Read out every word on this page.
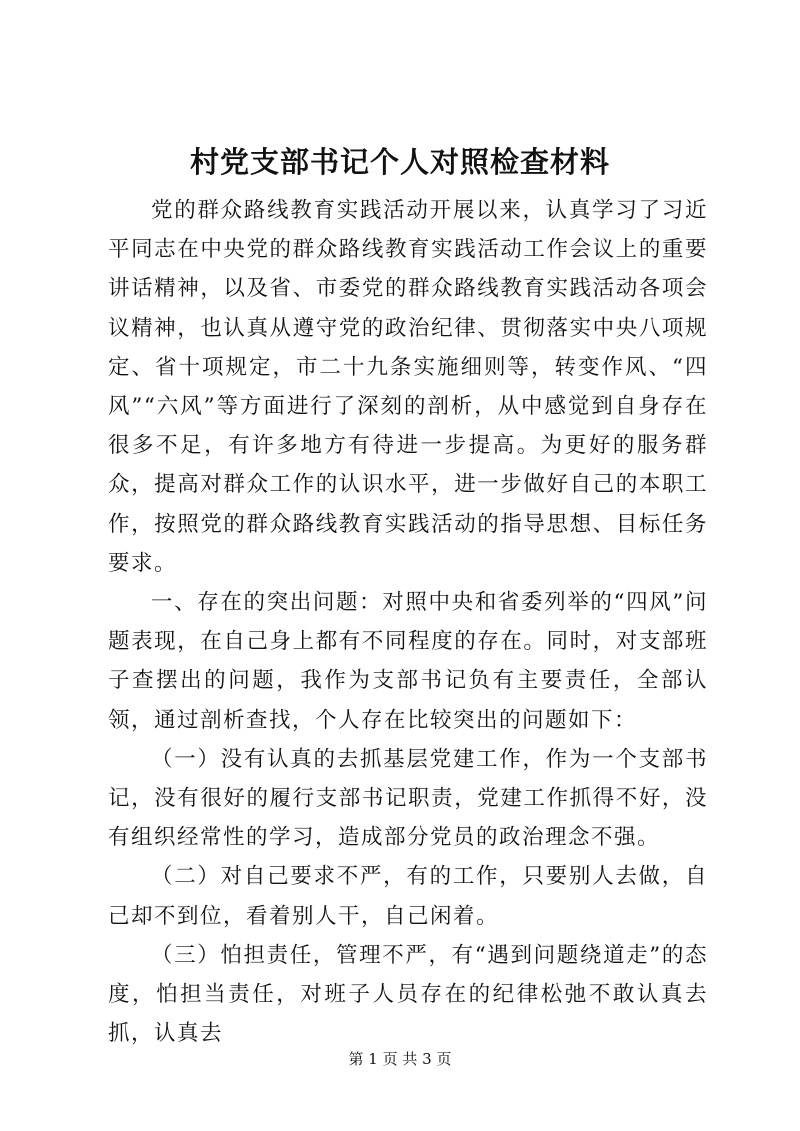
村党支部书记个人对照检查材料

党的群众路线教育实践活动开展以来，认真学习了习近平同志在中央党的群众路线教育实践活动工作会议上的重要讲话精神，以及省、市委党的群众路线教育实践活动各项会议精神，也认真从遵守党的政治纪律、贯彻落实中央八项规定、省十项规定，市二十九条实施细则等，转变作风、“四风”“六风”等方面进行了深刻的剖析，从中感觉到自身存在很多不足，有许多地方有待进一步提高。为更好的服务群众，提高对群众工作的认识水平，进一步做好自己的本职工作，按照党的群众路线教育实践活动的指导思想、目标任务要求。

一、存在的突出问题：对照中央和省委列举的“四风”问题表现，在自己身上都有不同程度的存在。同时，对支部班子查摆出的问题，我作为支部书记负有主要责任，全部认领，通过剖析查找，个人存在比较突出的问题如下：

（一）没有认真的去抓基层党建工作，作为一个支部书记，没有很好的履行支部书记职责，党建工作抓得不好，没有组织经常性的学习，造成部分党员的政治理念不强。

（二）对自己要求不严，有的工作，只要别人去做，自己却不到位，看着别人干，自己闲着。

（三）怕担责任，管理不严，有“遇到问题绕道走”的态度，怕担当责任，对班子人员存在的纪律松弛不敢认真去抓，认真去

第 1 页 共 3 页
